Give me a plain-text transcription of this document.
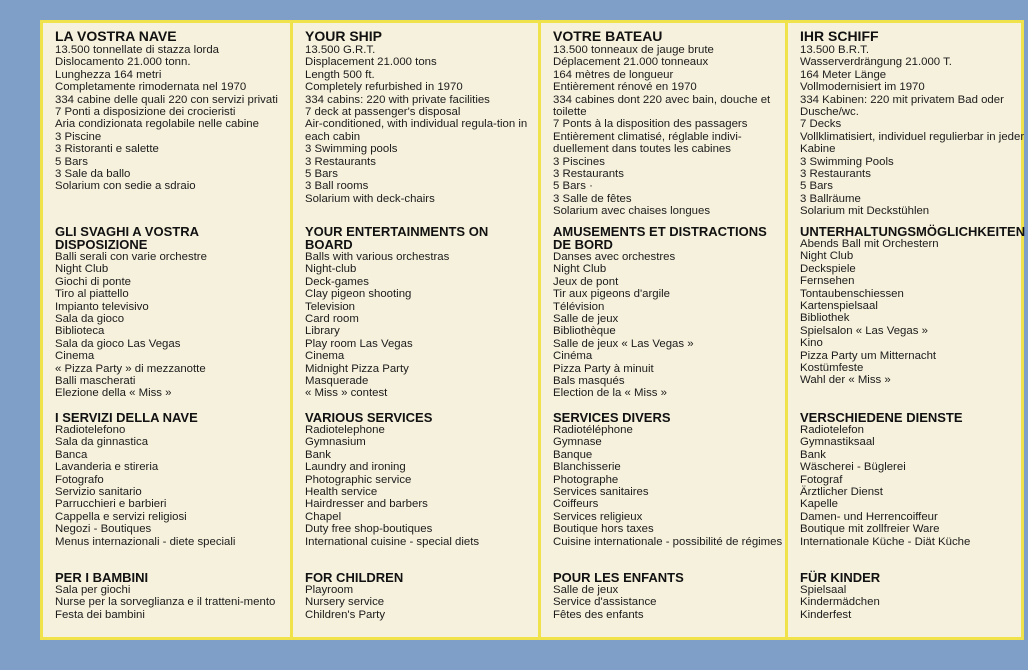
LA VOSTRA NAVE
13.500 tonnellate di stazza lorda
Dislocamento 21.000 tonn.
Lunghezza 164 metri
Completamente rimodernata nel 1970
334 cabine delle quali 220 con servizi privati
7 Ponti a disposizione dei crocieristi
Aria condizionata regolabile nelle cabine
3 Piscine
3 Ristoranti e salette
5 Bars
3 Sale da ballo
Solarium con sedie a sdraio
GLI SVAGHI A VOSTRA DISPOSIZIONE
Balli serali con varie orchestre
Night Club
Giochi di ponte
Tiro al piattello
Impianto televisivo
Sala da gioco
Biblioteca
Sala da gioco Las Vegas
Cinema
« Pizza Party » di mezzanotte
Balli mascherati
Elezione della « Miss »
I SERVIZI DELLA NAVE
Radiotelefono
Sala da ginnastica
Banca
Lavanderia e stireria
Fotografo
Servizio sanitario
Parrucchieri e barbieri
Cappella e servizi religiosi
Negozi - Boutiques
Menus internazionali - diete speciali
PER I BAMBINI
Sala per giochi
Nurse per la sorveglianza e il tratteni-mento
Festa dei bambini
YOUR SHIP
13.500 G.R.T.
Displacement 21.000 tons
Length 500 ft.
Completely refurbished in 1970
334 cabins: 220 with private facilities
7 deck at passenger's disposal
Air-conditioned, with individual regula-tion in each cabin
3 Swimming pools
3 Restaurants
5 Bars
3 Ball rooms
Solarium with deck-chairs
YOUR ENTERTAINMENTS ON BOARD
Balls with various orchestras
Night-club
Deck-games
Clay pigeon shooting
Television
Card room
Library
Play room Las Vegas
Cinema
Midnight Pizza Party
Masquerade
« Miss » contest
VARIOUS SERVICES
Radiotelephone
Gymnasium
Bank
Laundry and ironing
Photographic service
Health service
Hairdresser and barbers
Chapel
Duty free shop-boutiques
International cuisine - special diets
FOR CHILDREN
Playroom
Nursery service
Children's Party
VOTRE BATEAU
13.500 tonneaux de jauge brute
Déplacement 21.000 tonneaux
164 mètres de longueur
Entièrement rénové en 1970
334 cabines dont 220 avec bain, douche et toilette
7 Ponts à la disposition des passagers
Entièrement climatisé, réglable indivi-duellement dans toutes les cabines
3 Piscines
3 Restaurants
5 Bars ·
3 Salle de fêtes
Solarium avec chaises longues
AMUSEMENTS ET DISTRACTIONS DE BORD
Danses avec orchestres
Night Club
Jeux de pont
Tir aux pigeons d'argile
Télévision
Salle de jeux
Bibliothèque
Salle de jeux « Las Vegas »
Cinéma
Pizza Party à minuit
Bals masqués
Election de la « Miss »
SERVICES DIVERS
Radiotéléphone
Gymnase
Banque
Blanchisserie
Photographe
Services sanitaires
Coiffeurs
Services religieux
Boutique hors taxes
Cuisine internationale - possibilité de régimes
POUR LES ENFANTS
Salle de jeux
Service d'assistance
Fêtes des enfants
IHR SCHIFF
13.500 B.R.T.
Wasserverdrängung 21.000 T.
164 Meter Länge
Vollmodernisiert im 1970
334 Kabinen: 220 mit privatem Bad oder Dusche/wc.
7 Decks
Vollklimatisiert, individuel regulierbar in jeder Kabine
3 Swimming Pools
3 Restaurants
5 Bars
3 Ballräume
Solarium mit Deckstühlen
UNTERHALTUNGSMÖGLICHKEITEN
Abends Ball mit Orchestern
Night Club
Deckspiele
Fernsehen
Tontaubenschiessen
Kartenspielsaal
Bibliothek
Spielsalon « Las Vegas »
Kino
Pizza Party um Mitternacht
Kostümfeste
Wahl der « Miss »
VERSCHIEDENE DIENSTE
Radiotelefon
Gymnastiksaal
Bank
Wäscherei - Büglerei
Fotograf
Ärztlicher Dienst
Kapelle
Damen- und Herrencoiffeur
Boutique mit zollfreier Ware
Internationale Küche - Diät Küche
FÜR KINDER
Spielsaal
Kindermädchen
Kinderfest
